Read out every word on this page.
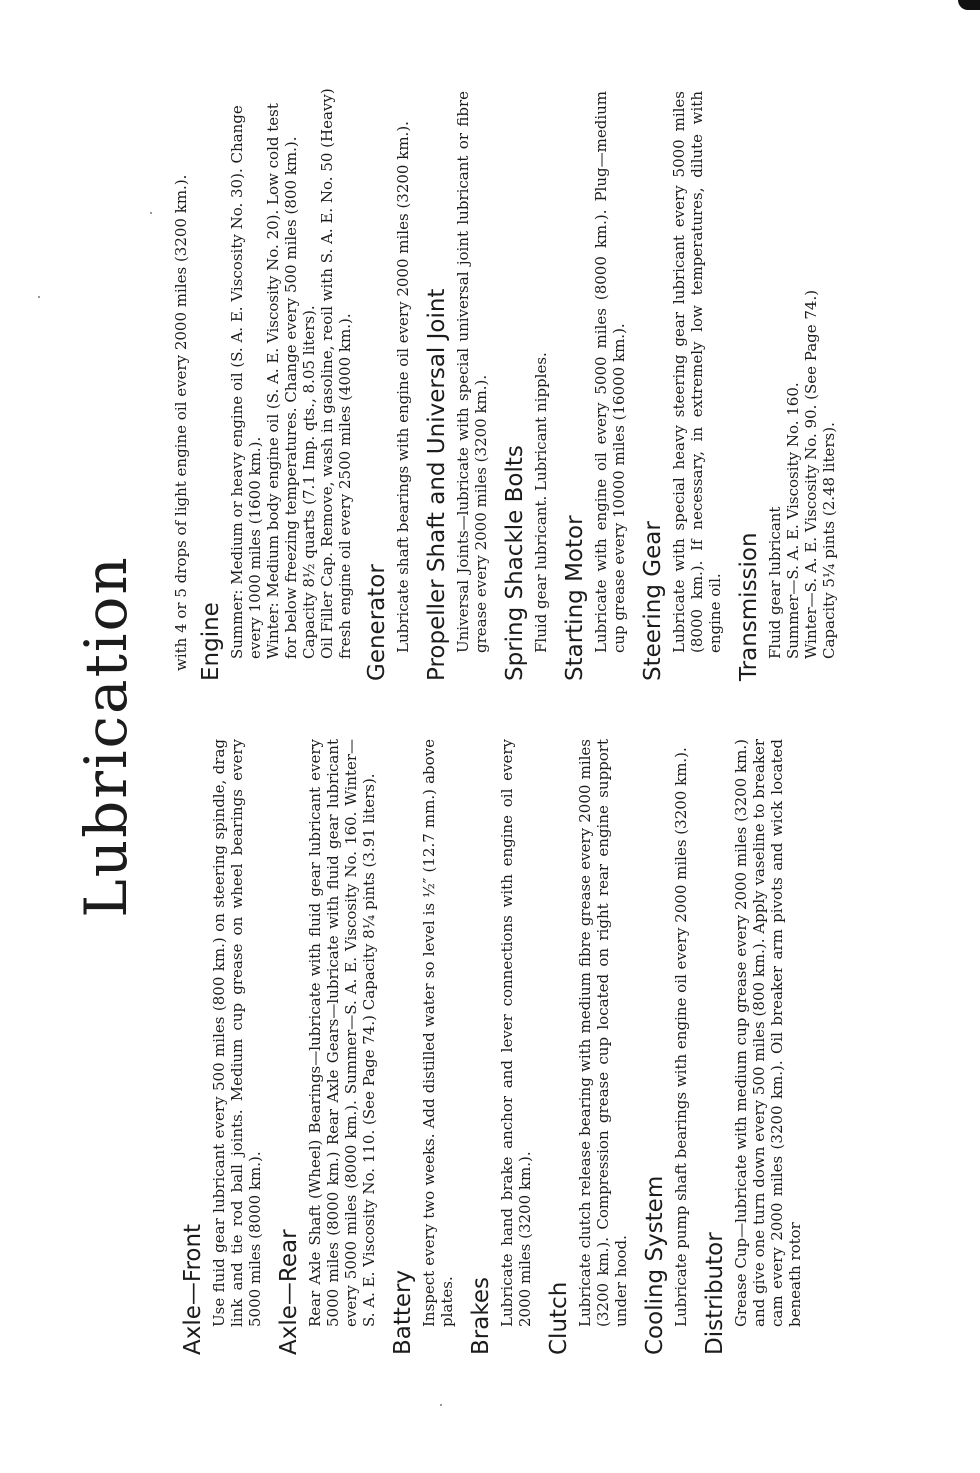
Lubrication
Axle—Front Use fluid gear lubricant every 500 miles (800 km.) on steering spindle, drag link and tie rod ball joints. Medium cup grease on wheel bearings every 5000 miles (8000 km.). Axle—Rear Rear Axle Shaft (Wheel) Bearings—lubricate with fluid gear lubricant every 5000 miles (8000 km.) Rear Axle Gears—lubricate with fluid gear lubricant every 5000 miles (8000 km.). Summer—S. A. E. Viscosity No. 160. Winter—S. A. E. Viscosity No. 110. (See Page 74.) Capacity 8¼ pints (3.91 liters). Battery Inspect every two weeks. Add distilled water so level is ½″ (12.7 mm.) above plates. Brakes Lubricate hand brake anchor and lever connections with engine oil every 2000 miles (3200 km.). Clutch Lubricate clutch release bearing with medium fibre grease every 2000 miles (3200 km.). Compression grease cup located on right rear engine support under hood. Cooling System Lubricate pump shaft bearings with engine oil every 2000 miles (3200 km.). Distributor Grease Cup—lubricate with medium cup grease every 2000 miles (3200 km.) and give one turn down every 500 miles (800 km.). Apply vaseline to breaker cam every 2000 miles (3200 km.). Oil breaker arm pivots and wick located beneath rotor

with 4 or 5 drops of light engine oil every 2000 miles (3200 km.). Engine Summer: Medium or heavy engine oil (S. A. E. Viscosity No. 30). Change every 1000 miles (1600 km.). Winter: Medium body engine oil (S. A. E. Viscosity No. 20). Low cold test for below freezing temperatures. Change every 500 miles (800 km.). Capacity 8½ quarts (7.1 Imp. qts., 8.05 liters). Oil Filler Cap. Remove, wash in gasoline, reoil with S. A. E. No. 50 (Heavy) fresh engine oil every 2500 miles (4000 km.). Generator Lubricate shaft bearings with engine oil every 2000 miles (3200 km.). Propeller Shaft and Universal Joint Universal Joints—lubricate with special universal joint lubricant or fibre grease every 2000 miles (3200 km.). Spring Shackle Bolts Fluid gear lubricant. Lubricant nipples. Starting Motor Lubricate with engine oil every 5000 miles (8000 km.). Plug—medium cup grease every 10000 miles (16000 km.). Steering Gear Lubricate with special heavy steering gear lubricant every 5000 miles (8000 km.). If necessary, in extremely low temperatures, dilute with engine oil. Transmission Fluid gear lubricant Summer—S. A. E. Viscosity No. 160. Winter—S. A. E. Viscosity No. 90. (See Page 74.) Capacity 5¼ pints (2.48 liters).
